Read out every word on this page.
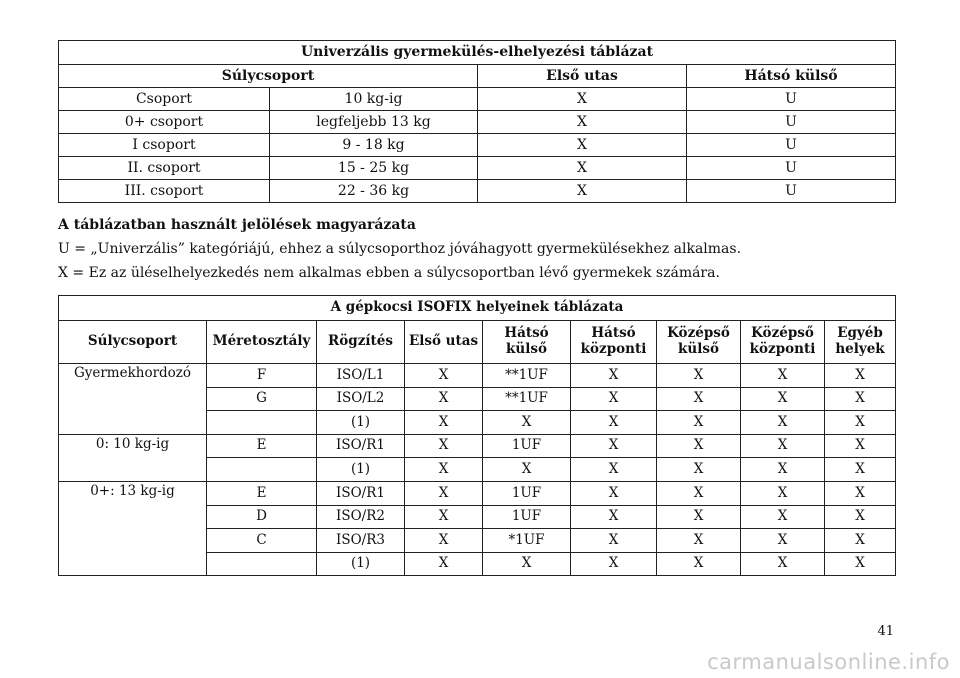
Univerzális gyermekülés-elhelyezési táblázat			
Súlycsoport		Első utas	Hátsó külső
Csoport	10 kg-ig	X	U
0+ csoport	legfeljebb 13 kg	X	U
I csoport	9 - 18 kg	X	U
II. csoport	15 - 25 kg	X	U
III. csoport	22 - 36 kg	X	U
A táblázatban használt jelölések magyarázata
U = „Univerzális” kategóriájú, ehhez a súlycsoporthoz jóváhagyott gyermekülésekhez alkalmas.
X = Ez az üléselhelyezkedés nem alkalmas ebben a súlycsoportban lévő gyermekek számára.
A gépkocsi ISOFIX helyeinek táblázata								
Súlycsoport	Méretosztály	Rögzítés	Első utas	Hátsó külső	Hátsó központi	Középső külső	Középső központi	Egyéb helyek
Gyermekhordozó	F	ISO/L1	X	**1UF	X	X	X	X
	G	ISO/L2	X	**1UF	X	X	X	X
		(1)	X	X	X	X	X	X
0: 10 kg-ig	E	ISO/R1	X	1UF	X	X	X	X
		(1)	X	X	X	X	X	X
0+: 13 kg-ig	E	ISO/R1	X	1UF	X	X	X	X
	D	ISO/R2	X	1UF	X	X	X	X
	C	ISO/R3	X	*1UF	X	X	X	X
		(1)	X	X	X	X	X	X
41
carmanualsonline.info
